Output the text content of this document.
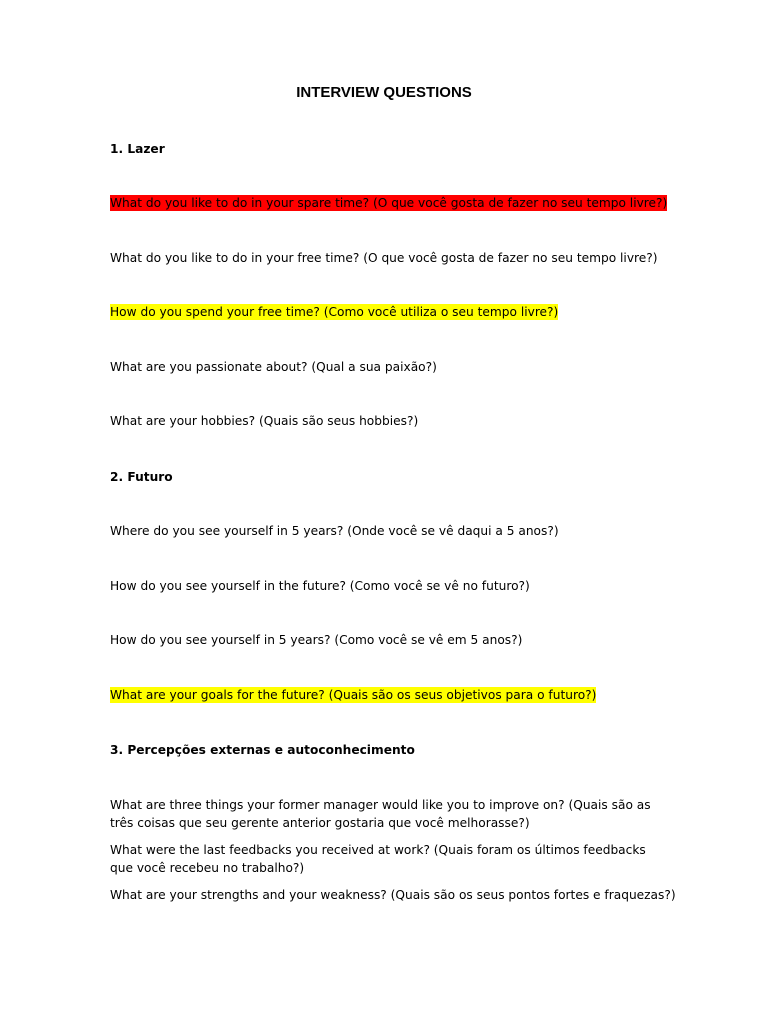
INTERVIEW QUESTIONS
1. Lazer
What do you like to do in your spare time? (O que você gosta de fazer no seu tempo livre?)
What do you like to do in your free time? (O que você gosta de fazer no seu tempo livre?)
How do you spend your free time? (Como você utiliza o seu tempo livre?)
What are you passionate about? (Qual a sua paixão?)
What are your hobbies? (Quais são seus hobbies?)
2. Futuro
Where do you see yourself in 5 years? (Onde você se vê daqui a 5 anos?)
How do you see yourself in the future? (Como você se vê no futuro?)
How do you see yourself in 5 years? (Como você se vê em 5 anos?)
What are your goals for the future? (Quais são os seus objetivos para o futuro?)
3. Percepções externas e autoconhecimento
What are three things your former manager would like you to improve on? (Quais são as três coisas que seu gerente anterior gostaria que você melhorasse?)
What were the last feedbacks you received at work? (Quais foram os últimos feedbacks que você recebeu no trabalho?)
What are your strengths and your weakness? (Quais são os seus pontos fortes e fraquezas?)
